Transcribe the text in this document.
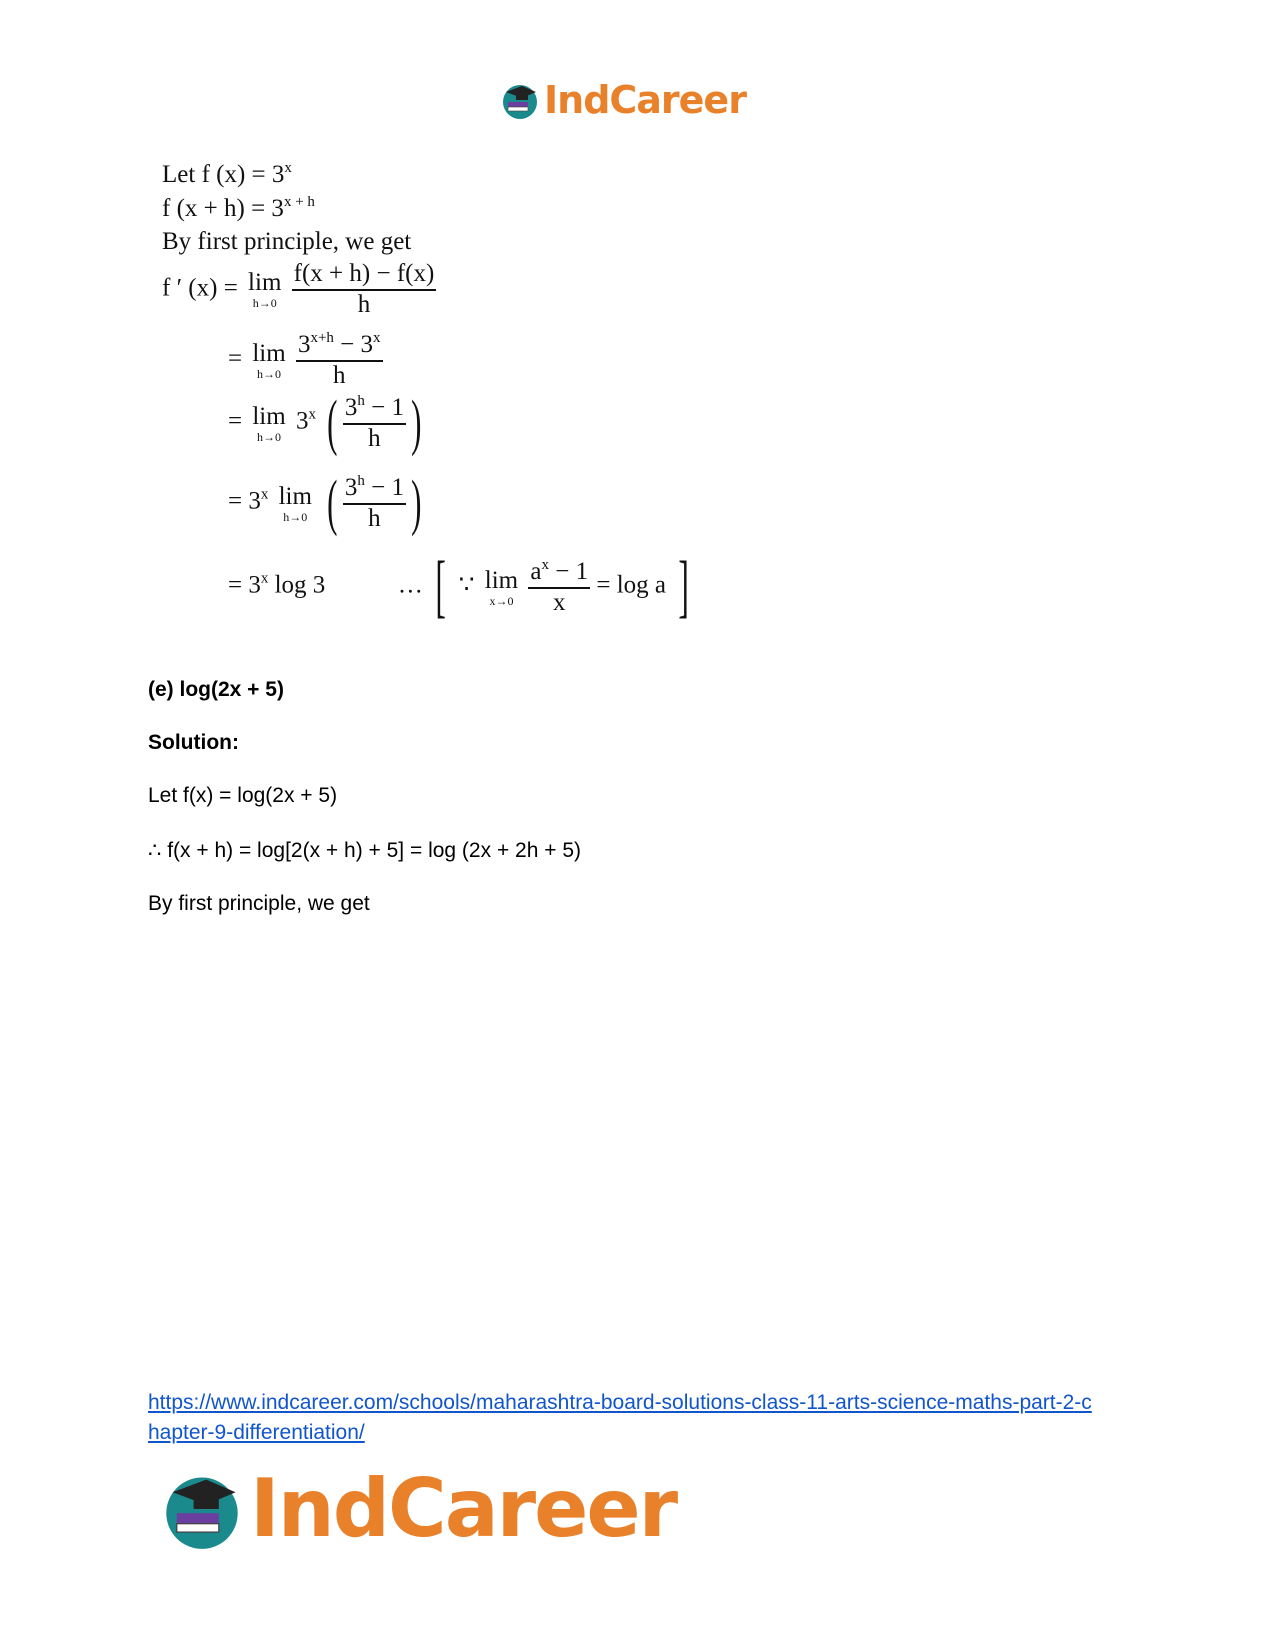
IndCareer
Let f $(x) = 3^x$
f $(x + h) = 3^{x + h}$
By first principle, we get
f ′ (x) = lim
h→0
$\frac{f(x + h) - f(x)}{h}$
= lim
h→0
$\frac{3^{x+h} - 3^x}{h}$
= lim
h→0
3$^x$ ( $\frac{3^h - 1}{h}$ )
= $3^x$ lim
h→0 ( $\frac{3^h - 1}{h}$ )
= $3^x$ log 3	… [ ∵ lim
x→0
$\frac{a^x - 1}{x} = \log a$ ]
(e) log(2x + 5)
Solution:
Let f(x) = log(2x + 5)
∴ f(x + h) = log[2(x + h) + 5] = log (2x + 2h + 5)
By first principle, we get
https://www.indcareer.com/schools/maharashtra-board-solutions-class-11-arts-science-maths-part-2-chapter-9-differentiation/
IndCareer
